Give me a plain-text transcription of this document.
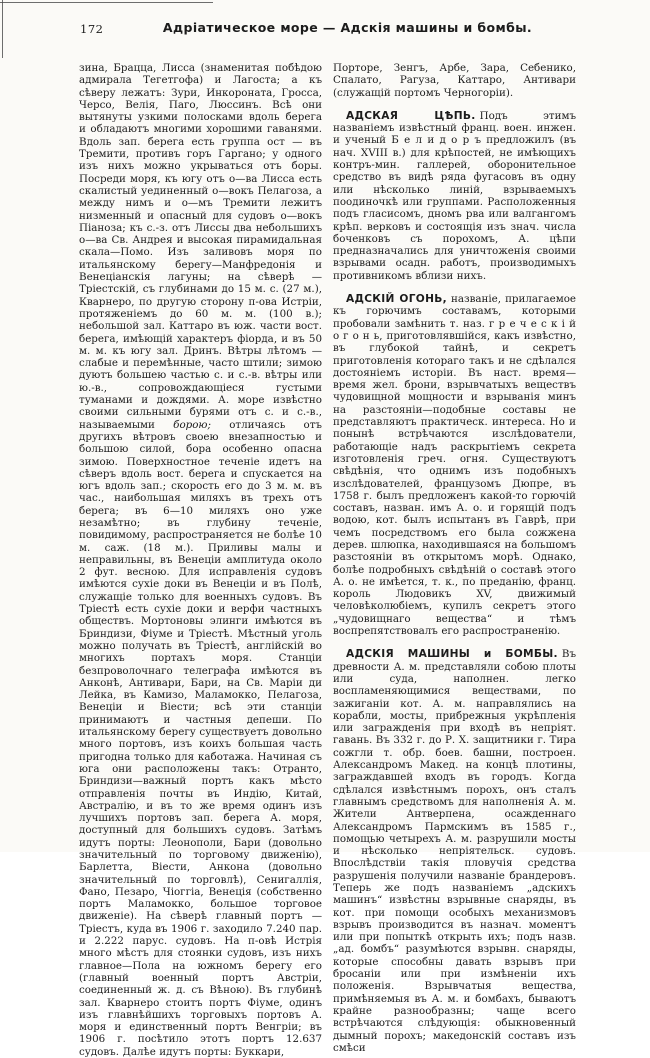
172	Адріатическое море — Адскія машины и бомбы.

зина, Брацца, Лисса (знаменитая побѣдою адмирала Тегетгофа) и Лагоста; а къ сѣверу лежатъ: Зури, Инкороната, Гросса, Черсо, Велія, Паго, Люссинъ. Всѣ они вытянуты узкими полосками вдоль берега и обладаютъ многими хорошими гаванями. Вдоль зап. берега есть группа ост — въ Тремити, противъ горъ Гаргано; у одного изъ нихъ можно укрываться отъ боры. Посреди моря, къ югу отъ о—ва Лисса есть скалистый уединенный о—вокъ Пелагоза, а между нимъ и о—мъ Тремити лежитъ низменный и опасный для судовъ о—вокъ Піаноза; къ с.-з. отъ Лиссы два небольшихъ о—ва Св. Андрея и высокая пирамидальная скала—Помо. Изъ заливовъ моря по итальянскому берегу—Манфредонія и Венеціанскія лагуны; на сѣверѣ — Тріестскій, съ глубинами до 15 м. с. (27 м.), Кварнеро, по другую сторону п-ова Истріи, протяженіемъ до 60 м. м. (100 в.); небольшой зал. Каттаро въ юж. части вост. берега, имѣющій характеръ фіорда, и въ 50 м. м. къ югу зал. Дринъ. Вѣтры лѣтомъ — слабые и перемѣнные, часто штили; зимою дуютъ большею частью с. и с.-в. вѣтры или ю.-в., сопровождающіеся густыми туманами и дождями. А. море извѣстно своими сильными бурями отъ с. и с.-в., называемыми борою; отличаясь отъ другихъ вѣтровъ своею внезапностью и большою силой, бора особенно опасна зимою. Поверхностное теченіе идетъ на сѣверъ вдоль вост. берега и спускается на югъ вдоль зап.; скорость его до 3 м. м. въ час., наибольшая миляхъ въ трехъ отъ берега; въ 6—10 миляхъ оно уже незамѣтно; въ глубину теченіе, повидимому, распространяется не болѣе 10 м. саж. (18 м.). Приливы малы и неправильны, въ Венеціи амплитуда около 2 фут. весною. Для исправленія судовъ имѣются сухіе доки въ Венеціи и въ Полѣ, служащіе только для военныхъ судовъ. Въ Тріестѣ есть сухіе доки и верфи частныхъ обществъ. Мортоновы элинги имѣются въ Бриндизи, Фіуме и Тріестѣ. Мѣстный уголь можно получать въ Тріестѣ, англійскій во многихъ портахъ моря. Станціи безпроволочнаго телеграфа имѣются въ Анконѣ, Антивари, Бари, на Св. Маріи ди Лейка, въ Камизо, Маламокко, Пелагоза, Венеціи и Віести; всѣ эти станціи принимаютъ и частныя депеши. По итальянскому берегу существуетъ довольно много портовъ, изъ коихъ большая часть пригодна только для каботажа. Начиная съ юга они расположены такъ: Отранто, Бриндизи—важный портъ какъ мѣсто отправленія почты въ Индію, Китай, Австралію, и въ то же время одинъ изъ лучшихъ портовъ зап. берега А. моря, доступный для большихъ судовъ. Затѣмъ идутъ порты: Леонополи, Бари (довольно значительный по торговому движенію), Барлетта, Віести, Анкона (довольно значительный по торговлѣ), Сенигаллія, Фано, Пезаро, Чіоггіа, Венеція (собственно портъ Маламокко, большое торговое движеніе). На сѣверѣ главный портъ — Тріестъ, куда въ 1906 г. заходило 7.240 пар. и 2.222 парус. судовъ. На п-овѣ Истрія много мѣстъ для стоянки судовъ, изъ нихъ главное—Пола на южномъ берегу его (главный военный портъ Австріи, соединенный ж. д. съ Вѣною). Въ глубинѣ зал. Кварнеро стоитъ портъ Фіуме, одинъ изъ главнѣйшихъ торговыхъ портовъ А. моря и единственный портъ Венгріи; въ 1906 г. посѣтило этотъ портъ 12.637 судовъ. Далѣе идутъ порты: Буккари,

Порторе, Зенгъ, Арбе, Зара, Себенико, Спалато, Рагуза, Каттаро, Антивари (служащій портомъ Черногоріи).

АДСКАЯ ЦѢПЬ. Подъ этимъ названіемъ извѣстный франц. воен. инжен. и ученый Б е л и д о р ъ предложилъ (въ нач. XVIII в.) для крѣпостей, не имѣющихъ контръ-мин. галлерей, оборонительное средство въ видѣ ряда фугасовъ въ одну или нѣсколько линій, взрываемыхъ поодиночкѣ или группами. Расположенныя подъ гласисомъ, дномъ рва или валгангомъ крѣп. верковъ и состоящія изъ знач. числа боченковъ съ порохомъ, А. цѣпи предназначались для уничтоженія своими взрывами осадн. работъ, производимыхъ противникомъ вблизи нихъ.

АДСКІЙ ОГОНЬ, названіе, прилагаемое къ горючимъ составамъ, которыми пробовали замѣнить т. наз. г р е ч е с к і й о г о н ь, приготовлявшійся, какъ извѣстно, въ глубокой тайнѣ, и секретъ приготовленія котораго такъ и не сдѣлался достояніемъ исторіи. Въ наст. время—время жел. брони, взрывчатыхъ веществъ чудовищной мощности и взрыванія минъ на разстояніи—подобные составы не представляютъ практическ. интереса. Но и понынѣ встрѣчаются изслѣдователи, работающіе надъ раскрытіемъ секрета изготовленія греч. огня. Существуютъ свѣдѣнія, что однимъ изъ подобныхъ изслѣдователей, французомъ Дюпре, въ 1758 г. былъ предложенъ какой-то горючій составъ, назван. имъ А. о. и горящій подъ водою, кот. былъ испытанъ въ Гаврѣ, при чемъ посредствомъ его была сожжена дерев. шлюпка, находившаяся на большомъ разстояніи въ открытомъ морѣ. Однако, болѣе подробныхъ свѣдѣній о составѣ этого А. о. не имѣется, т. к., по преданію, франц. король Людовикъ XV, движимый человѣколюбіемъ, купилъ секретъ этого „чудовищнаго вещества“ и тѣмъ воспрепятствовалъ его распространенію.

АДСКІЯ МАШИНЫ и БОМБЫ. Въ древности А. м. представляли собою плоты или суда, наполнен. легко воспламеняющимися веществами, по зажиганіи кот. А. м. направлялись на корабли, мосты, прибрежныя укрѣпленія или загражденія при входѣ въ непріят. гавань. Въ 332 г. до Р. Х. защитники г. Тира сожгли т. обр. боев. башни, построен. Александромъ Макед. на концѣ плотины, заграждавшей входъ въ городъ. Когда сдѣлался извѣстнымъ порохъ, онъ сталъ главнымъ средствомъ для наполненія А. м. Жители Антверпена, осажденнаго Александромъ Пармскимъ въ 1585 г., помощью четырехъ А. м. разрушили мосты и нѣсколько непріятельск. судовъ. Впослѣдствіи такія пловучія средства разрушенія получили названіе брандеровъ. Теперь же подъ названіемъ „адскихъ машинъ“ извѣстны взрывные снаряды, въ кот. при помощи особыхъ механизмовъ взрывъ производится въ назнач. моментъ или при попыткѣ открыть ихъ; подъ назв. „ад. бомбъ“ разумѣются взрывн. снаряды, которые способны давать взрывъ при бросаніи или при измѣненіи ихъ положенія. Взрывчатыя вещества, примѣняемыя въ А. м. и бомбахъ, бываютъ крайне разнообразны; чаще всего встрѣчаются слѣдующія: обыкновенный дымный порохъ; македонскій составъ изъ смѣси
